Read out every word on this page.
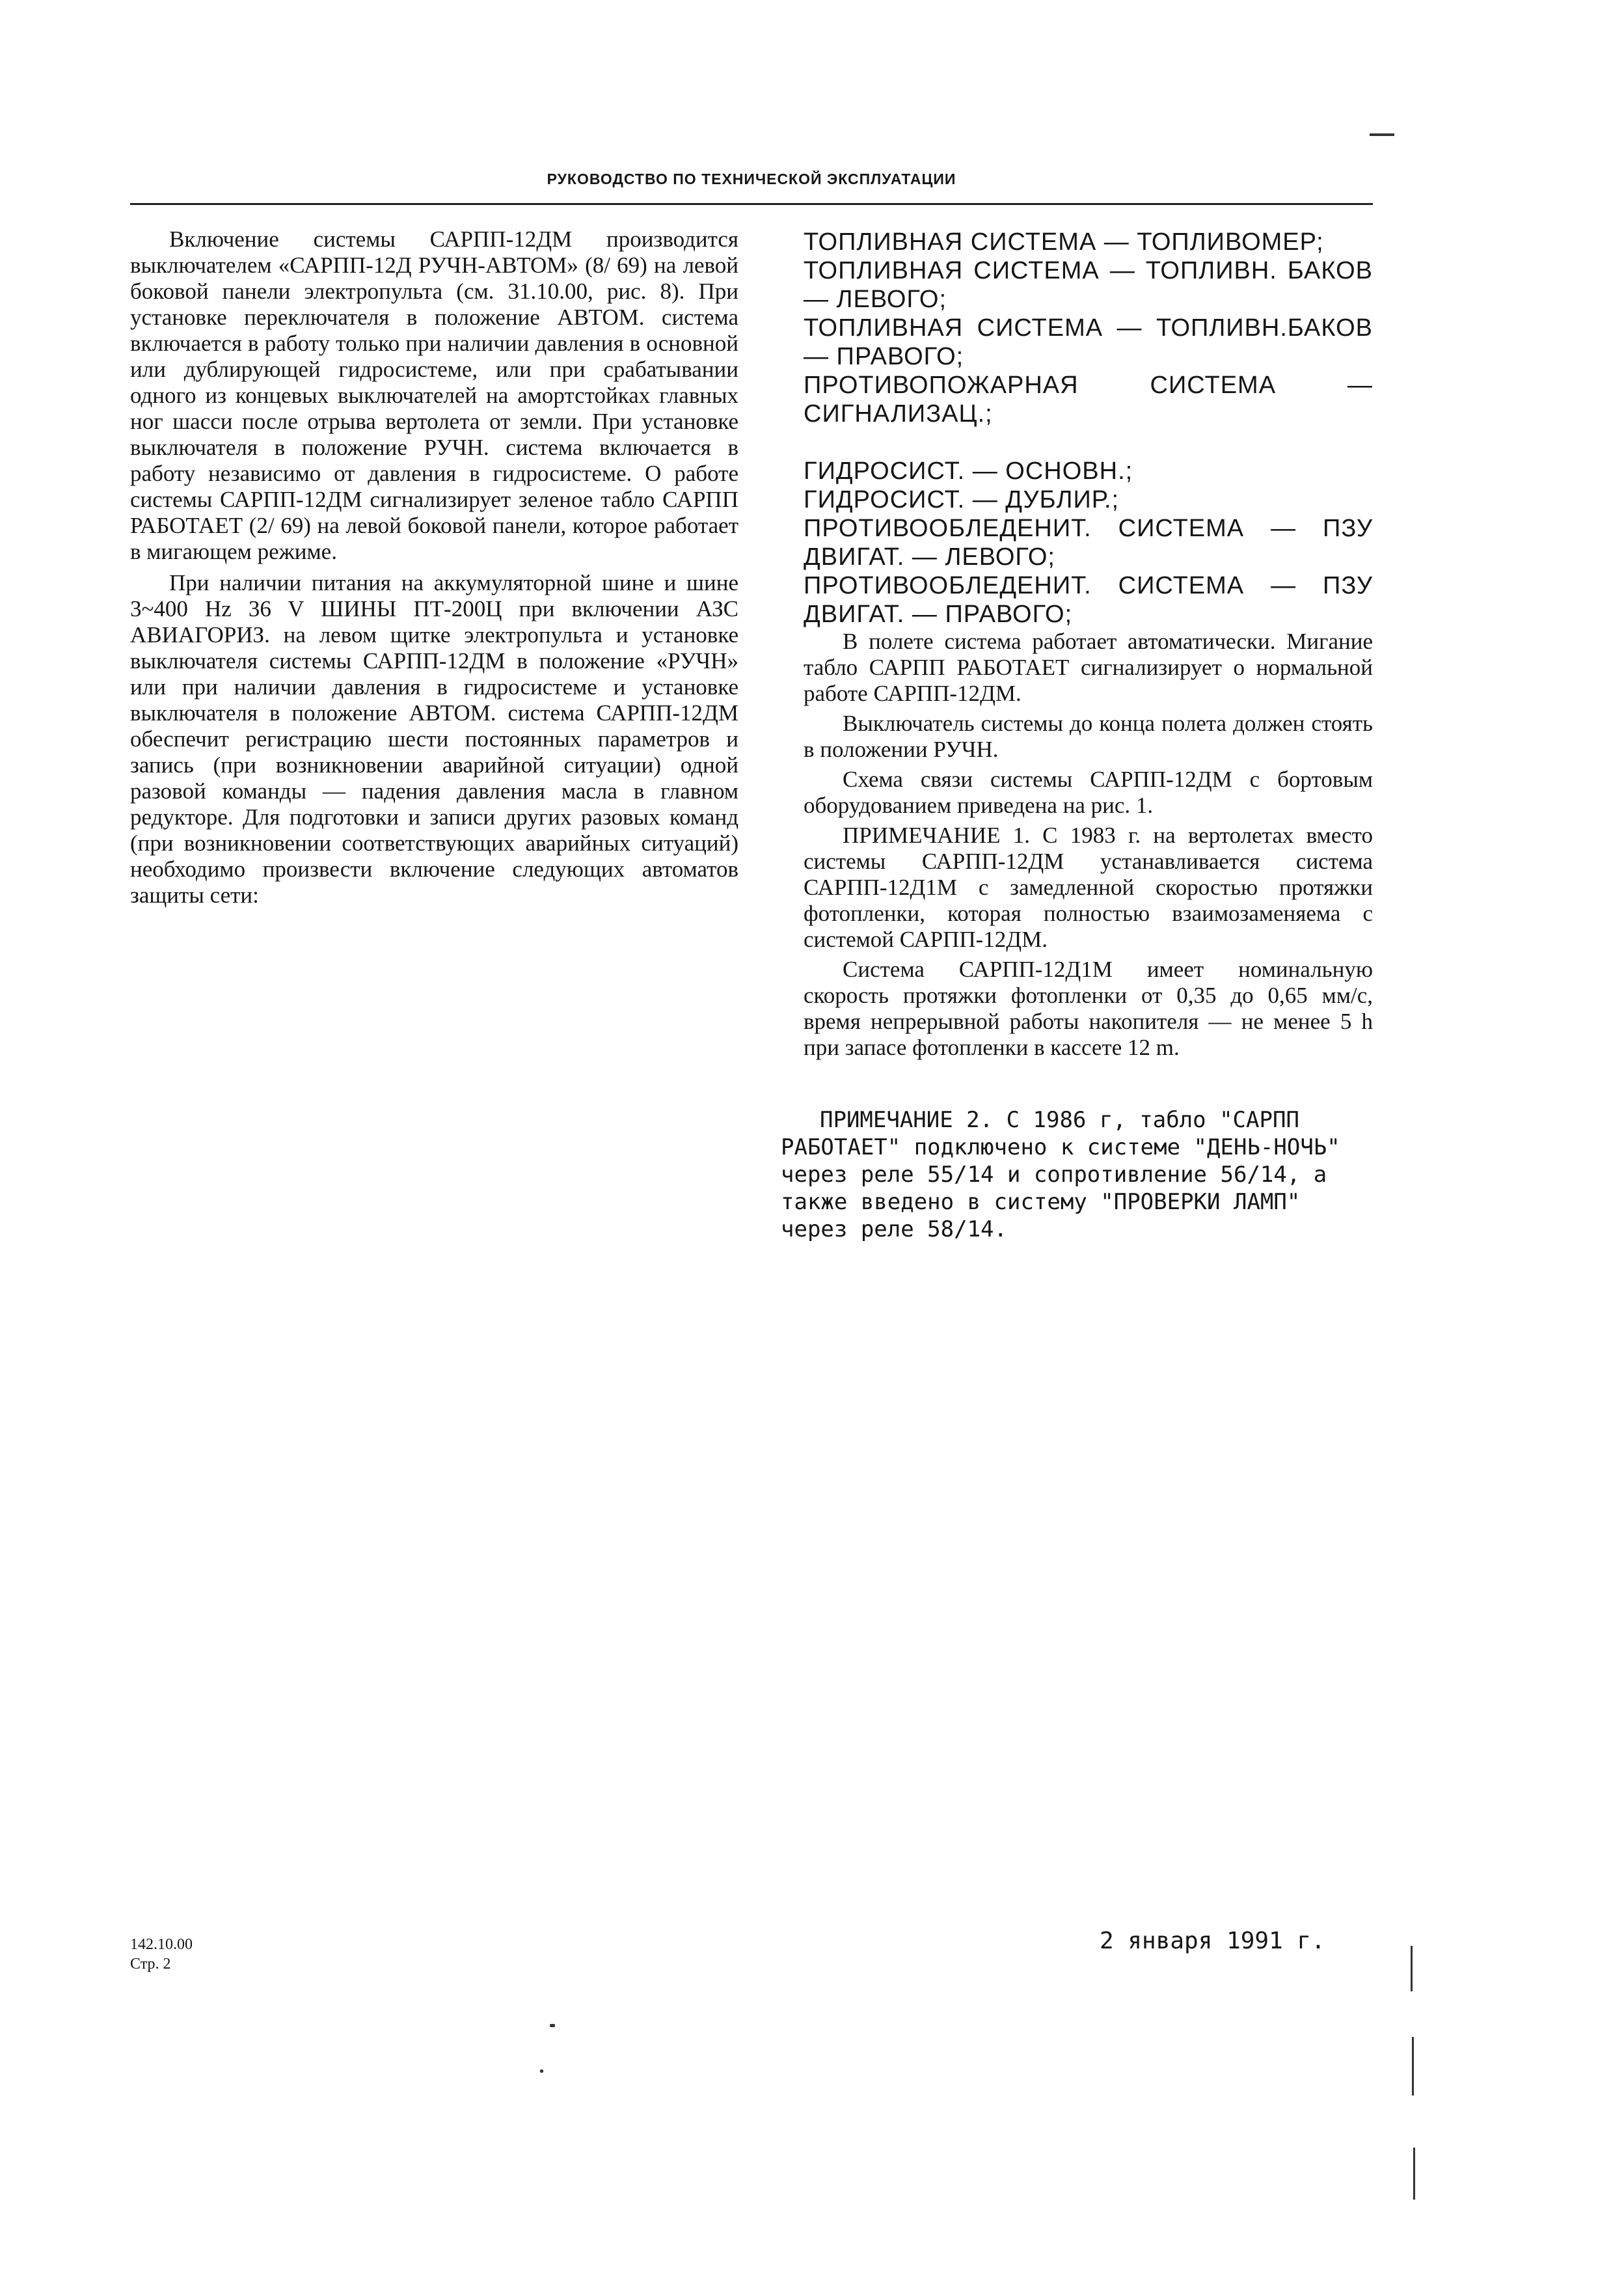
РУКОВОДСТВО ПО ТЕХНИЧЕСКОЙ ЭКСПЛУАТАЦИИ

Включение системы САРПП-12ДМ производится выключателем «САРПП-12Д РУЧН-АВТОМ» (8/ 69) на левой боковой панели электропульта (см. 31.10.00, рис. 8). При установке переключателя в положение АВТОМ. система включается в работу только при наличии давления в основной или дублирующей гидросистеме, или при срабатывании одного из концевых выключателей на амортстойках главных ног шасси после отрыва вертолета от земли. При установке выключателя в положение РУЧН. система включается в работу независимо от давления в гидросистеме. О работе системы САРПП-12ДМ сигнализирует зеленое табло САРПП РАБОТАЕТ (2/ 69) на левой боковой панели, которое работает в мигающем режиме.

При наличии питания на аккумуляторной шине и шине 3~400 Hz 36 V ШИНЫ ПТ-200Ц при включении АЗС АВИАГОРИЗ. на левом щитке электропульта и установке выключателя системы САРПП-12ДМ в положение «РУЧН» или при наличии давления в гидросистеме и установке выключателя в положение АВТОМ. система САРПП-12ДМ обеспечит регистрацию шести постоянных параметров и запись (при возникновении аварийной ситуации) одной разовой команды — падения давления масла в главном редукторе. Для подготовки и записи других разовых команд (при возникновении соответствующих аварийных ситуаций) необходимо произвести включение следующих автоматов защиты сети:

ТОПЛИВНАЯ СИСТЕМА — ТОПЛИВОМЕР;

ТОПЛИВНАЯ СИСТЕМА — ТОПЛИВН. БАКОВ — ЛЕВОГО;

ТОПЛИВНАЯ СИСТЕМА — ТОПЛИВН.БАКОВ — ПРАВОГО;

ПРОТИВОПОЖАРНАЯ СИСТЕМА — СИГНАЛИЗАЦ.;

ГИДРОСИСТ. — ОСНОВН.;

ГИДРОСИСТ. — ДУБЛИР.;

ПРОТИВООБЛЕДЕНИТ. СИСТЕМА — ПЗУ ДВИГАТ. — ЛЕВОГО;

ПРОТИВООБЛЕДЕНИТ. СИСТЕМА — ПЗУ ДВИГАТ. — ПРАВОГО;

В полете система работает автоматически. Мигание табло САРПП РАБОТАЕТ сигнализирует о нормальной работе САРПП-12ДМ.

Выключатель системы до конца полета должен стоять в положении РУЧН.

Схема связи системы САРПП-12ДМ с бортовым оборудованием приведена на рис. 1.

ПРИМЕЧАНИЕ 1. С 1983 г. на вертолетах вместо системы САРПП-12ДМ устанавливается система САРПП-12Д1М с замедленной скоростью протяжки фотопленки, которая полностью взаимозаменяема с системой САРПП-12ДМ.

Система САРПП-12Д1М имеет номинальную скорость протяжки фотопленки от 0,35 до 0,65 мм/с, время непрерывной работы накопителя — не менее 5 h при запасе фотопленки в кассете 12 m.

ПРИМЕЧАНИЕ 2. С 1986 г, табло "САРПП РАБОТАЕТ" подключено к системе "ДЕНЬ-НОЧЬ" через реле 55/14 и сопротивление 56/14, а также введено в систему "ПРОВЕРКИ ЛАМП" через реле 58/14.

142.10.00
Стр. 2
2 января 1991 г.
